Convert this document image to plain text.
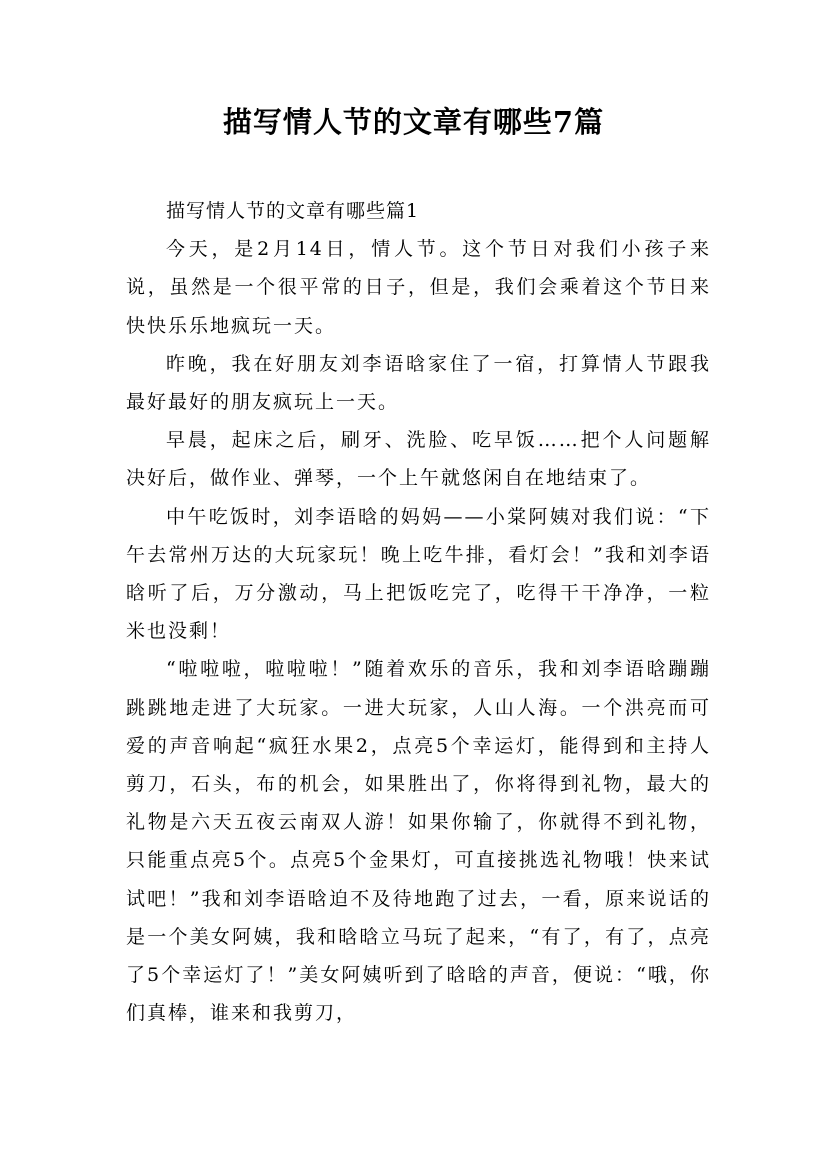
描写情人节的文章有哪些7篇

描写情人节的文章有哪些篇1

今天，是2月14日，情人节。这个节日对我们小孩子来说，虽然是一个很平常的日子，但是，我们会乘着这个节日来快快乐乐地疯玩一天。

昨晚，我在好朋友刘李语晗家住了一宿，打算情人节跟我最好最好的朋友疯玩上一天。

早晨，起床之后，刷牙、洗脸、吃早饭……把个人问题解决好后，做作业、弹琴，一个上午就悠闲自在地结束了。

中午吃饭时，刘李语晗的妈妈——小棠阿姨对我们说：“下午去常州万达的大玩家玩！晚上吃牛排，看灯会！”我和刘李语晗听了后，万分激动，马上把饭吃完了，吃得干干净净，一粒米也没剩！

“啦啦啦，啦啦啦！”随着欢乐的音乐，我和刘李语晗蹦蹦跳跳地走进了大玩家。一进大玩家，人山人海。一个洪亮而可爱的声音响起“疯狂水果2，点亮5个幸运灯，能得到和主持人剪刀，石头，布的机会，如果胜出了，你将得到礼物，最大的礼物是六天五夜云南双人游！如果你输了，你就得不到礼物，只能重点亮5个。点亮5个金果灯，可直接挑选礼物哦！快来试试吧！”我和刘李语晗迫不及待地跑了过去，一看，原来说话的是一个美女阿姨，我和晗晗立马玩了起来，“有了，有了，点亮了5个幸运灯了！”美女阿姨听到了晗晗的声音，便说：“哦，你们真棒，谁来和我剪刀，
